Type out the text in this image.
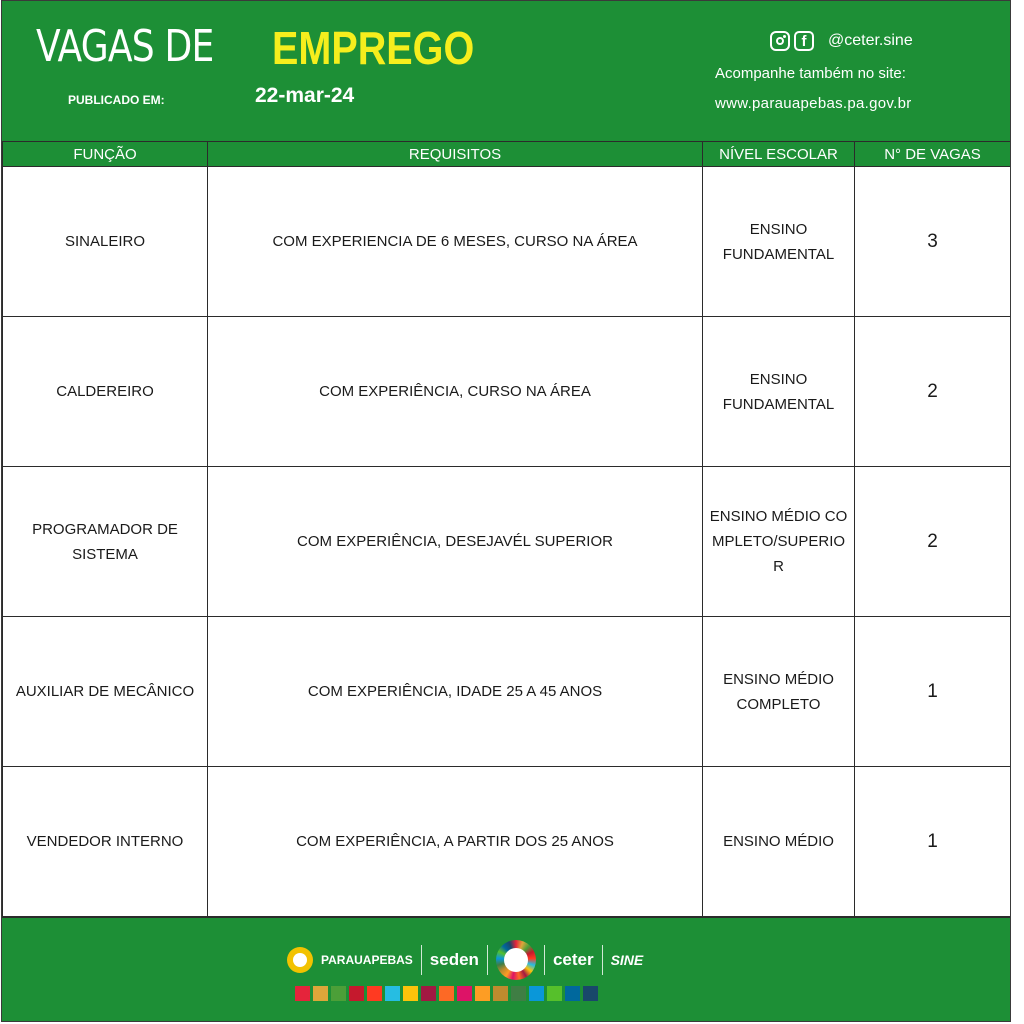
VAGAS DE EMPREGO
PUBLICADO EM:	22-mar-24
f	@ceter.sine
Acompanhe também no site:
www.parauapebas.pa.gov.br
FUNÇÃO	REQUISITOS	NÍVEL ESCOLAR	N° DE VAGAS
SINALEIRO	COM EXPERIENCIA DE 6 MESES, CURSO NA ÁREA	ENSINO FUNDAMENTAL	3
CALDEREIRO	COM EXPERIÊNCIA, CURSO NA ÁREA	ENSINO FUNDAMENTAL	2
PROGRAMADOR DE SISTEMA	COM EXPERIÊNCIA, DESEJAVÉL SUPERIOR	ENSINO MÉDIO COMPLETO/SUPERIOR	2
AUXILIAR DE MECÂNICO	COM EXPERIÊNCIA, IDADE 25 A 45 ANOS	ENSINO MÉDIO COMPLETO	1
VENDEDOR INTERNO	COM EXPERIÊNCIA, A PARTIR DOS 25 ANOS	ENSINO MÉDIO	1
PARAUAPEBAS seden	ceter SINE
